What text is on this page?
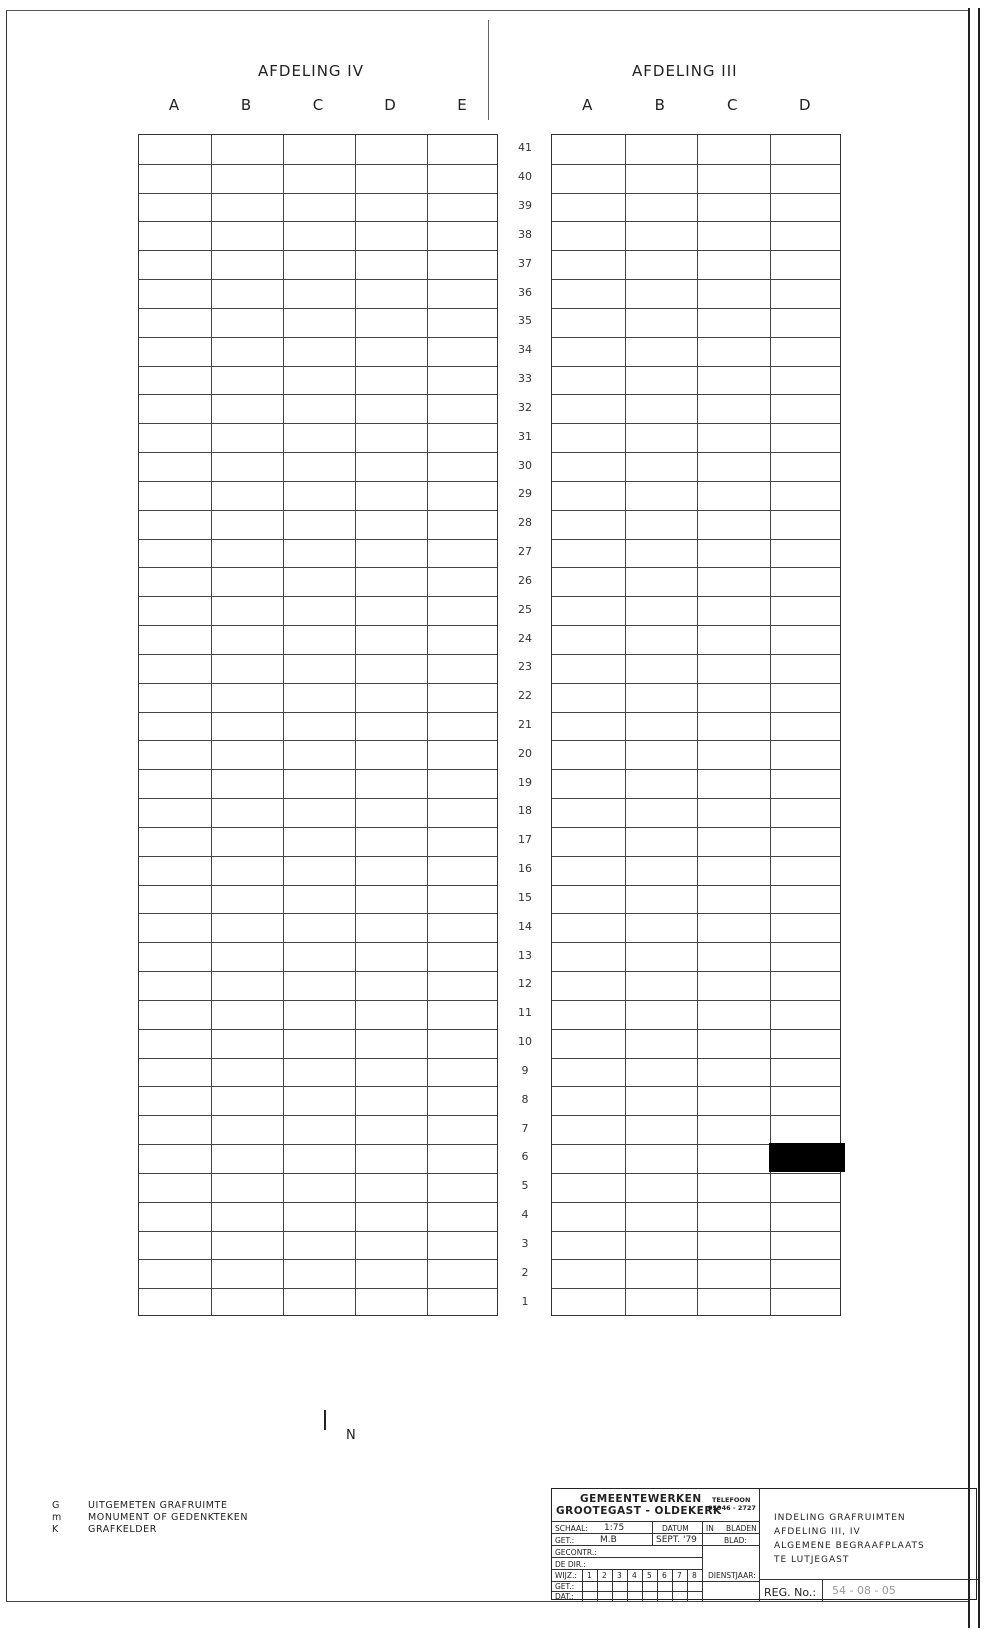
AFDELING IV	AFDELING III
A	B	C	D	E	A	B	C	D
41
40
39
38
37
36
35
34
33
32
31
30
29
28
27
26
25
24
23
22
21
20
19
18
17
16
15
14
13
12
11
10
9
8
7
6
5
4
3
2
1
N
G	UITGEMETEN GRAFRUIMTE
m	MONUMENT OF GEDENKTEKEN
K	GRAFKELDER
GEMEENTEWERKEN
GROOTEGAST - OLDEKERK
TELEFOON
05946 - 2727
SCHAAL: 1:75	DATUM IN BLADEN
GET.:	M.B	SEPT. '79	BLAD:
GECONTR.:
DE DIR.:
WIJZ.: 1 2 3 4 5 6 7 8 DIENSTJAAR:
GET.:
DAT.:
INDELING GRAFRUIMTEN
AFDELING III, IV
ALGEMENE BEGRAAFPLAATS
TE LUTJEGAST
REG. No.: 54 - 08 - 05
